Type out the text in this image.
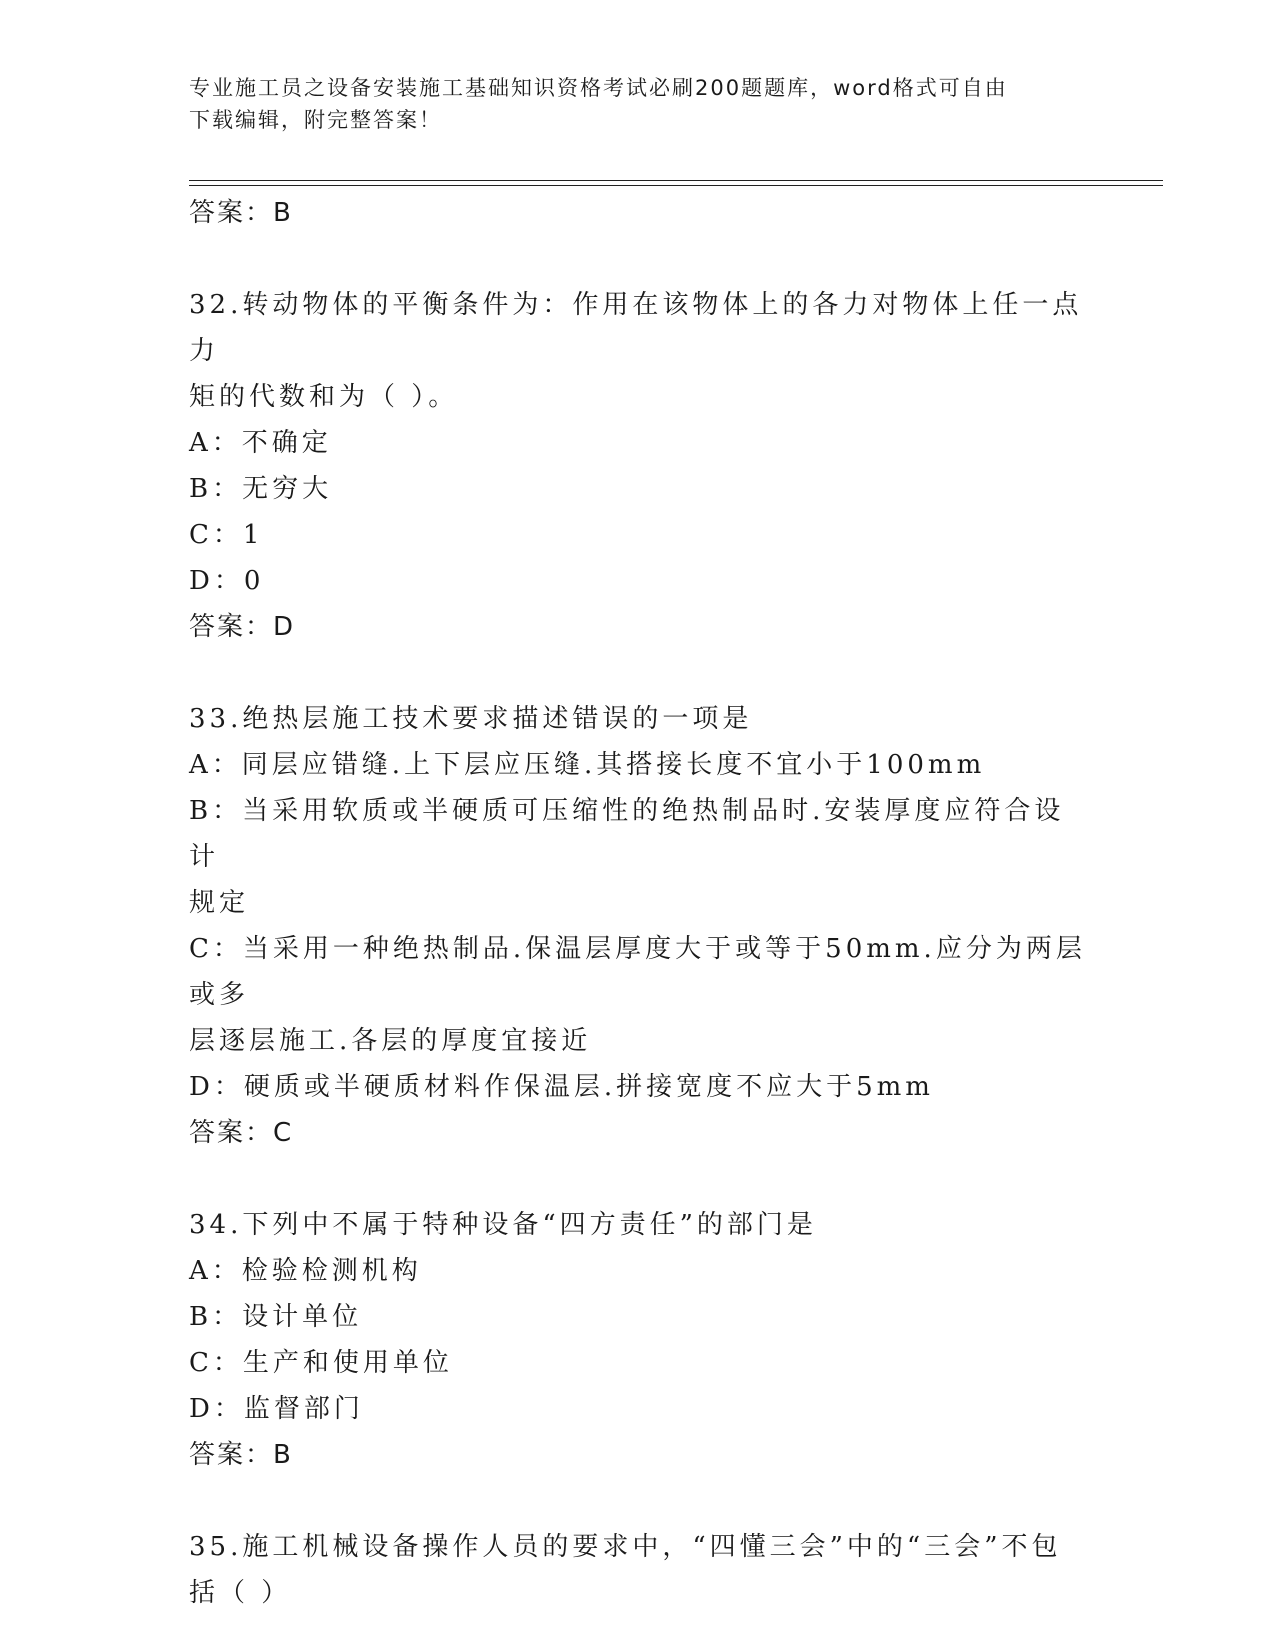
专业施工员之设备安装施工基础知识资格考试必刷200题题库，word格式可自由
下载编辑，附完整答案！
答案：B
32.转动物体的平衡条件为：作用在该物体上的各力对物体上任一点力
矩的代数和为（ ）。
A：不确定
B：无穷大
C：1
D：0
答案：D
33.绝热层施工技术要求描述错误的一项是
A：同层应错缝.上下层应压缝.其搭接长度不宜小于100mm
B：当采用软质或半硬质可压缩性的绝热制品时.安装厚度应符合设计
规定
C：当采用一种绝热制品.保温层厚度大于或等于50mm.应分为两层或多
层逐层施工.各层的厚度宜接近
D：硬质或半硬质材料作保温层.拼接宽度不应大于5mm
答案：C
34.下列中不属于特种设备“四方责任”的部门是
A：检验检测机构
B：设计单位
C：生产和使用单位
D：监督部门
答案：B
35.施工机械设备操作人员的要求中，“四懂三会”中的“三会”不包
括（ ）
